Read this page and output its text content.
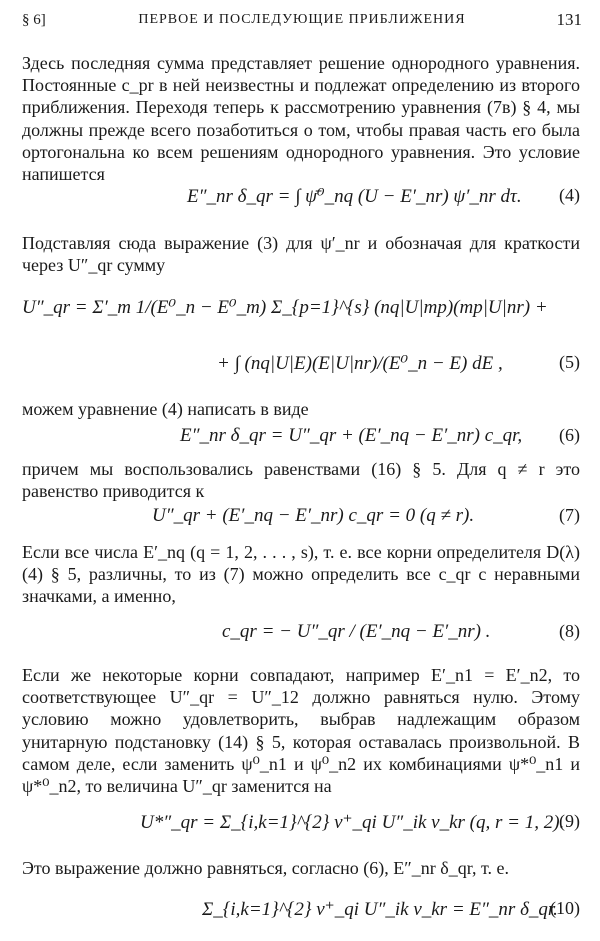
§ 6]	ПЕРВОЕ И ПОСЛЕДУЮЩИЕ ПРИБЛИЖЕНИЯ	131
Здесь последняя сумма представляет решение однородного уравнения. Постоянные c_pr в ней неизвестны и подлежат определению из второго приближения. Переходя теперь к рассмотрению уравнения (7в) § 4, мы должны прежде всего позаботиться о том, чтобы правая часть его была ортогональна ко всем решениям однородного уравнения. Это условие напишется
E″_nr δ_qr = ∫ ψ̄⁰_nq (U − E′_nr) ψ′_nr dτ. (4)
Подставляя сюда выражение (3) для ψ′_nr и обозначая для краткости через U″_qr сумму
U″_qr = Σ′_m 1/(E⁰_n − E⁰_m) Σ_{p=1}^{s} (nq|U|mp)(mp|U|nr) +
+ ∫ (nq|U|E)(E|U|nr)/(E⁰_n − E) dE ,	(5)
можем уравнение (4) написать в виде
E″_nr δ_qr = U″_qr + (E′_nq − E′_nr) c_qr, (6)
причем мы воспользовались равенствами (16) § 5. Для q ≠ r это равенство приводится к
U″_qr + (E′_nq − E′_nr) c_qr = 0 (q ≠ r).	(7)
Если все числа E′_nq (q = 1, 2, . . . , s), т. е. все корни определителя D(λ) (4) § 5, различны, то из (7) можно определить все c_qr с неравными значками, а именно,
c_qr = − U″_qr / (E′_nq − E′_nr) .	(8)
Если же некоторые корни совпадают, например E′_n1 = E′_n2, то соответствующее U″_qr = U″_12 должно равняться нулю. Этому условию можно удовлетворить, выбрав надлежащим образом унитарную подстановку (14) § 5, которая оставалась произвольной. В самом деле, если заменить ψ⁰_n1 и ψ⁰_n2 их комбинациями ψ*⁰_n1 и ψ*⁰_n2, то величина U″_qr заменится на
U*″_qr = Σ_{i,k=1}^{2} v⁺_qi U″_ik v_kr (q, r = 1, 2).
(9)
Это выражение должно равняться, согласно (6), E″_nr δ_qr, т. е.
Σ_{i,k=1}^{2} v⁺_qi U″_ik v_kr = E″_nr δ_qr.
(10)
